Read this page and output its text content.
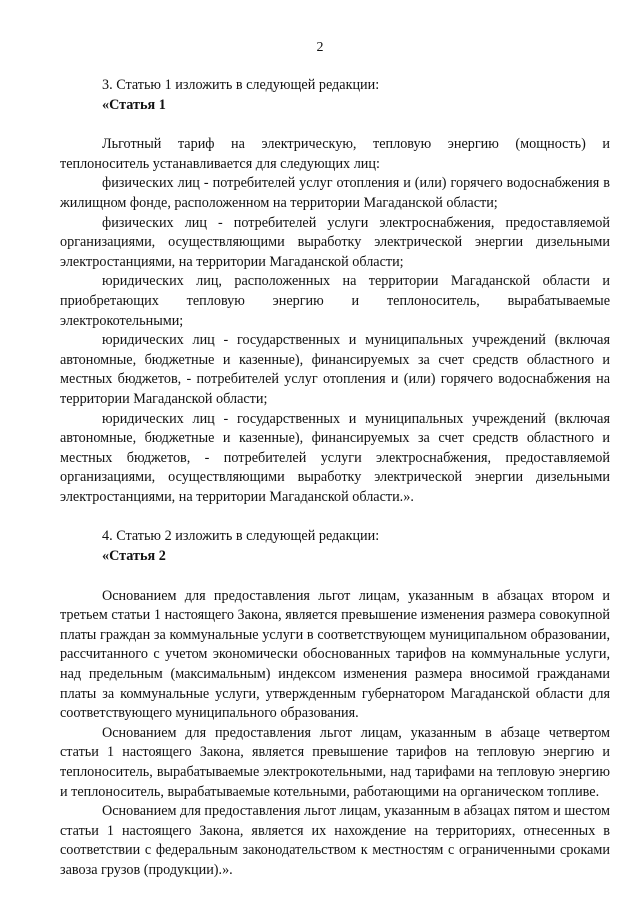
2

3. Статью 1 изложить в следующей редакции:

«Статья 1

Льготный тариф на электрическую, тепловую энергию (мощность) и теплоноситель устанавливается для следующих лиц:

физических лиц - потребителей услуг отопления и (или) горячего водоснабжения в жилищном фонде, расположенном на территории Магаданской области;

физических лиц - потребителей услуги электроснабжения, предоставляемой организациями, осуществляющими выработку электрической энергии дизельными электростанциями, на территории Магаданской области;

юридических лиц, расположенных на территории Магаданской области и приобретающих тепловую энергию и теплоноситель, вырабатываемые электрокотельными;

юридических лиц - государственных и муниципальных учреждений (включая автономные, бюджетные и казенные), финансируемых за счет средств областного и местных бюджетов, - потребителей услуг отопления и (или) горячего водоснабжения на территории Магаданской области;

юридических лиц - государственных и муниципальных учреждений (включая автономные, бюджетные и казенные), финансируемых за счет средств областного и местных бюджетов, - потребителей услуги электроснабжения, предоставляемой организациями, осуществляющими выработку электрической энергии дизельными электростанциями, на территории Магаданской области.».

4. Статью 2 изложить в следующей редакции:

«Статья 2

Основанием для предоставления льгот лицам, указанным в абзацах втором и третьем статьи 1 настоящего Закона, является превышение изменения размера совокупной платы граждан за коммунальные услуги в соответствующем муниципальном образовании, рассчитанного с учетом экономически обоснованных тарифов на коммунальные услуги, над предельным (максимальным) индексом изменения размера вносимой гражданами платы за коммунальные услуги, утвержденным губернатором Магаданской области для соответствующего муниципального образования.

Основанием для предоставления льгот лицам, указанным в абзаце четвертом статьи 1 настоящего Закона, является превышение тарифов на тепловую энергию и теплоноситель, вырабатываемые электрокотельными, над тарифами на тепловую энергию и теплоноситель, вырабатываемые котельными, работающими на органическом топливе.

Основанием для предоставления льгот лицам, указанным в абзацах пятом и шестом статьи 1 настоящего Закона, является их нахождение на территориях, отнесенных в соответствии с федеральным законодательством к местностям с ограниченными сроками завоза грузов (продукции).».
